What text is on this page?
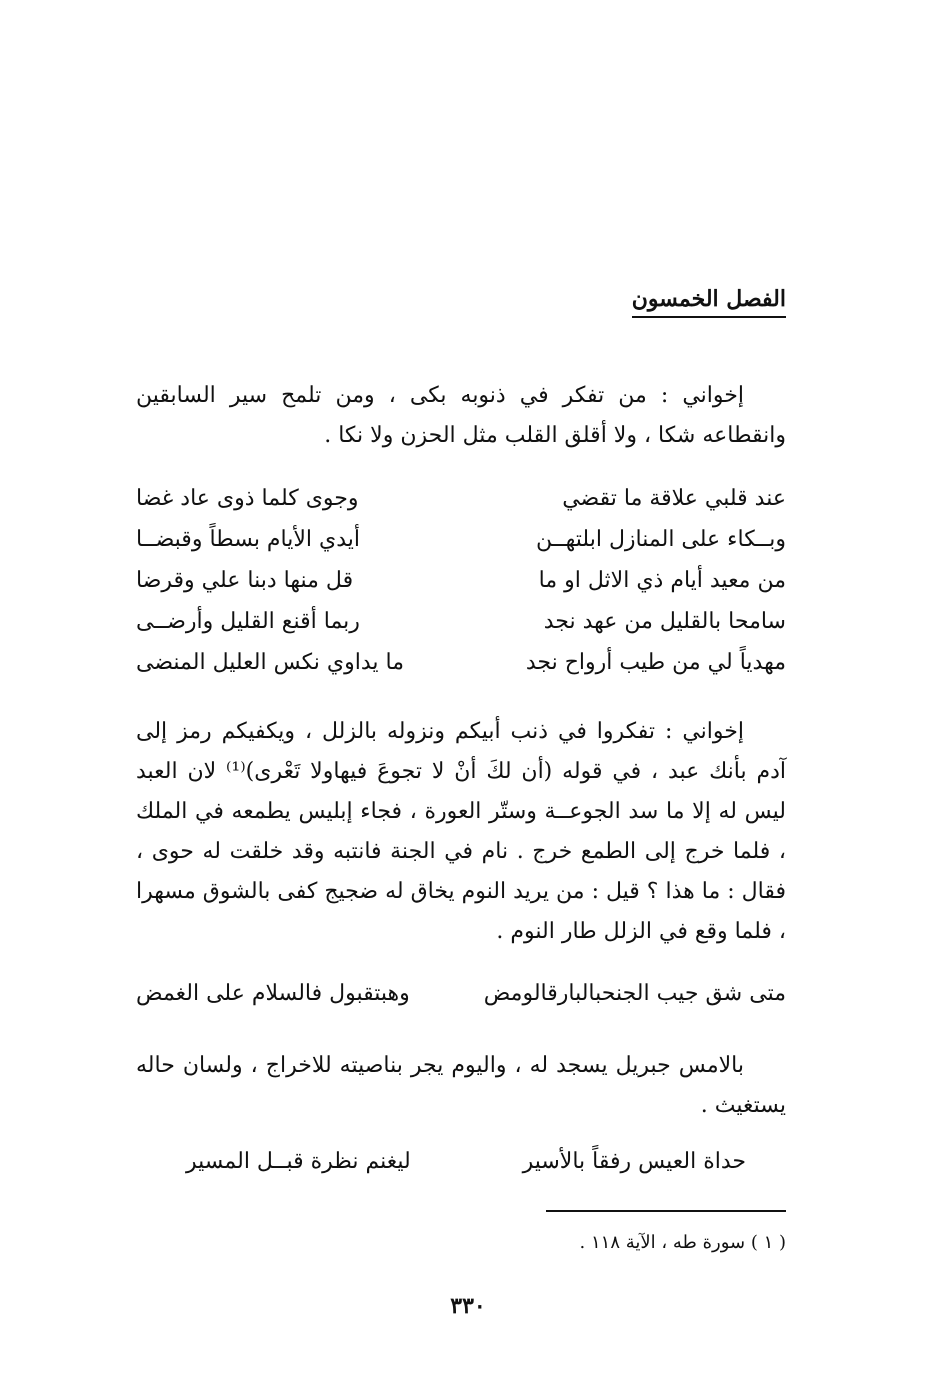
الفصل الخمسون

إخواني : من تفكر في ذنوبه بكى ، ومن تلمح سير السابقين وانقطاعه شكا ، ولا أقلق القلب مثل الحزن ولا نكا .

عند قلبي علاقة ما تقضي
وجوى كلما ذوى عاد غضا
وبــكاء على المنازل ابلتهــن
أيدي الأيام بسطاً وقبضــا
من معيد أيام ذي الاثل او ما
قل منها دبنا علي وقرضا
سامحا بالقليل من عهد نجد
ربما أقنع القليل وأرضــى
مهدياً لي من طيب أرواح نجد
ما يداوي نكس العليل المنضى

إخواني : تفكروا في ذنب أبيكم ونزوله بالزلل ، ويكفيكم رمز إلى آدم بأنك عبد ، في قوله (أن لكَ أنْ لا تجوعَ فيهاولا تَعْرى)⁽¹⁾ لان العبد ليس له إلا ما سد الجوعــة وستّر العورة ، فجاء إبليس يطمعه في الملك ، فلما خرج إلى الطمع خرج . نام في الجنة فانتبه وقد خلقت له حوى ، فقال : ما هذا ؟ قيل : من يريد النوم يخاق له ضجيج كفى بالشوق مسهرا ، فلما وقع في الزلل طار النوم .

متى شق جيب الجنحبالبارقالومض
وهبتقبول فالسلام على الغمض

بالامس جبريل يسجد له ، واليوم يجر بناصيته للاخراج ، ولسان حاله يستغيث .

حداة العيس رفقاً بالأسير
ليغنم نظرة قبــل المسير
( ١ ) سورة طه ، الآية ١١٨ .
٣٣٠
